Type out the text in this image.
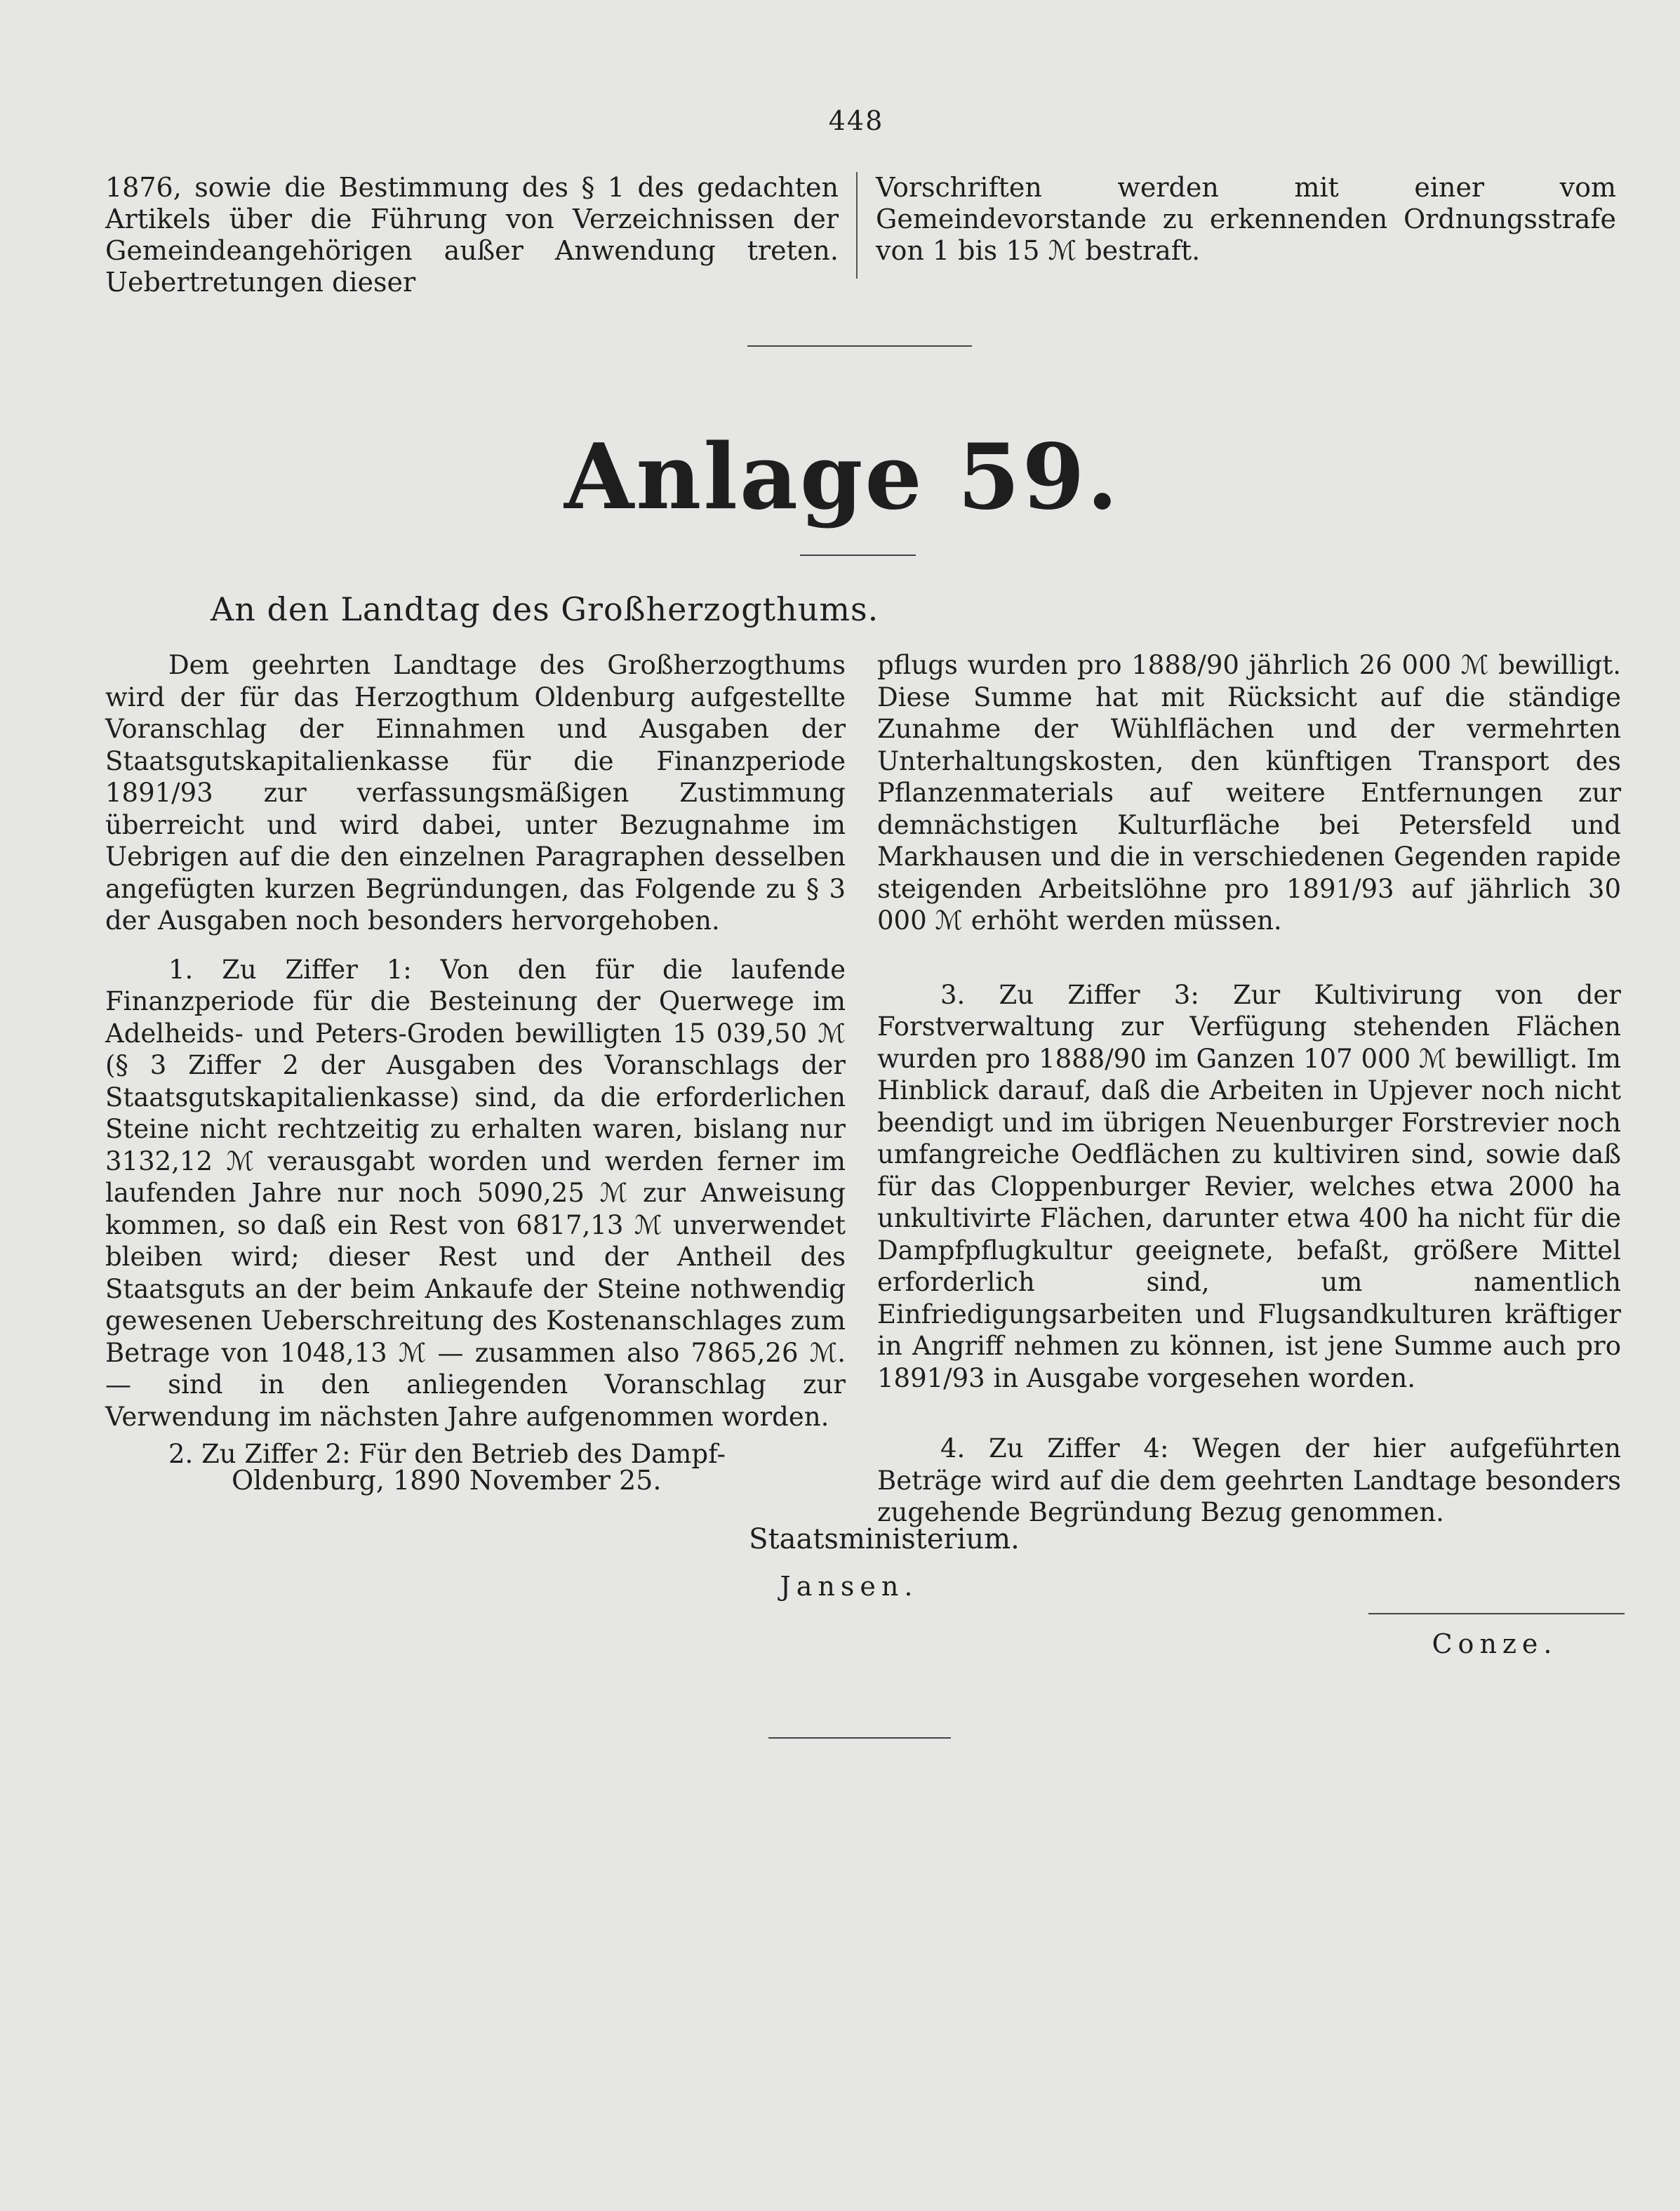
448

1876, sowie die Bestimmung des § 1 des gedachten Artikels über die Führung von Verzeichnissen der Gemeindeangehörigen außer Anwendung treten. Uebertretungen dieser

Vorschriften werden mit einer vom Gemeindevorstande zu erkennenden Ordnungsstrafe von 1 bis 15 ℳ bestraft.

Anlage 59.
An den Landtag des Großherzogthums.

Dem geehrten Landtage des Großherzogthums wird der für das Herzogthum Oldenburg aufgestellte Voranschlag der Einnahmen und Ausgaben der Staatsgutskapitalienkasse für die Finanzperiode 1891/93 zur verfassungsmäßigen Zustimmung überreicht und wird dabei, unter Bezugnahme im Uebrigen auf die den einzelnen Paragraphen desselben angefügten kurzen Begründungen, das Folgende zu § 3 der Ausgaben noch besonders hervorgehoben.

1. Zu Ziffer 1: Von den für die laufende Finanzperiode für die Besteinung der Querwege im Adelheids- und Peters-Groden bewilligten 15 039,50 ℳ (§ 3 Ziffer 2 der Ausgaben des Voranschlags der Staatsgutskapitalienkasse) sind, da die erforderlichen Steine nicht rechtzeitig zu erhalten waren, bislang nur 3132,12 ℳ verausgabt worden und werden ferner im laufenden Jahre nur noch 5090,25 ℳ zur Anweisung kommen, so daß ein Rest von 6817,13 ℳ unverwendet bleiben wird; dieser Rest und der Antheil des Staatsguts an der beim Ankaufe der Steine nothwendig gewesenen Ueberschreitung des Kostenanschlages zum Betrage von 1048,13 ℳ — zusammen also 7865,26 ℳ. — sind in den anliegenden Voranschlag zur Verwendung im nächsten Jahre aufgenommen worden.

2. Zu Ziffer 2: Für den Betrieb des Dampf-

pflugs wurden pro 1888/90 jährlich 26 000 ℳ bewilligt. Diese Summe hat mit Rücksicht auf die ständige Zunahme der Wühlflächen und der vermehrten Unterhaltungskosten, den künftigen Transport des Pflanzenmaterials auf weitere Entfernungen zur demnächstigen Kulturfläche bei Petersfeld und Markhausen und die in verschiedenen Gegenden rapide steigenden Arbeitslöhne pro 1891/93 auf jährlich 30 000 ℳ erhöht werden müssen.

3. Zu Ziffer 3: Zur Kultivirung von der Forstverwaltung zur Verfügung stehenden Flächen wurden pro 1888/90 im Ganzen 107 000 ℳ bewilligt. Im Hinblick darauf, daß die Arbeiten in Upjever noch nicht beendigt und im übrigen Neuenburger Forstrevier noch umfangreiche Oedflächen zu kultiviren sind, sowie daß für das Cloppenburger Revier, welches etwa 2000 ha unkultivirte Flächen, darunter etwa 400 ha nicht für die Dampfpflugkultur geeignete, befaßt, größere Mittel erforderlich sind, um namentlich Einfriedigungsarbeiten und Flugsandkulturen kräftiger in Angriff nehmen zu können, ist jene Summe auch pro 1891/93 in Ausgabe vorgesehen worden.

4. Zu Ziffer 4: Wegen der hier aufgeführten Beträge wird auf die dem geehrten Landtage besonders zugehende Begründung Bezug genommen.

Oldenburg, 1890 November 25.
Staatsministerium.
Jansen.
Conze.
